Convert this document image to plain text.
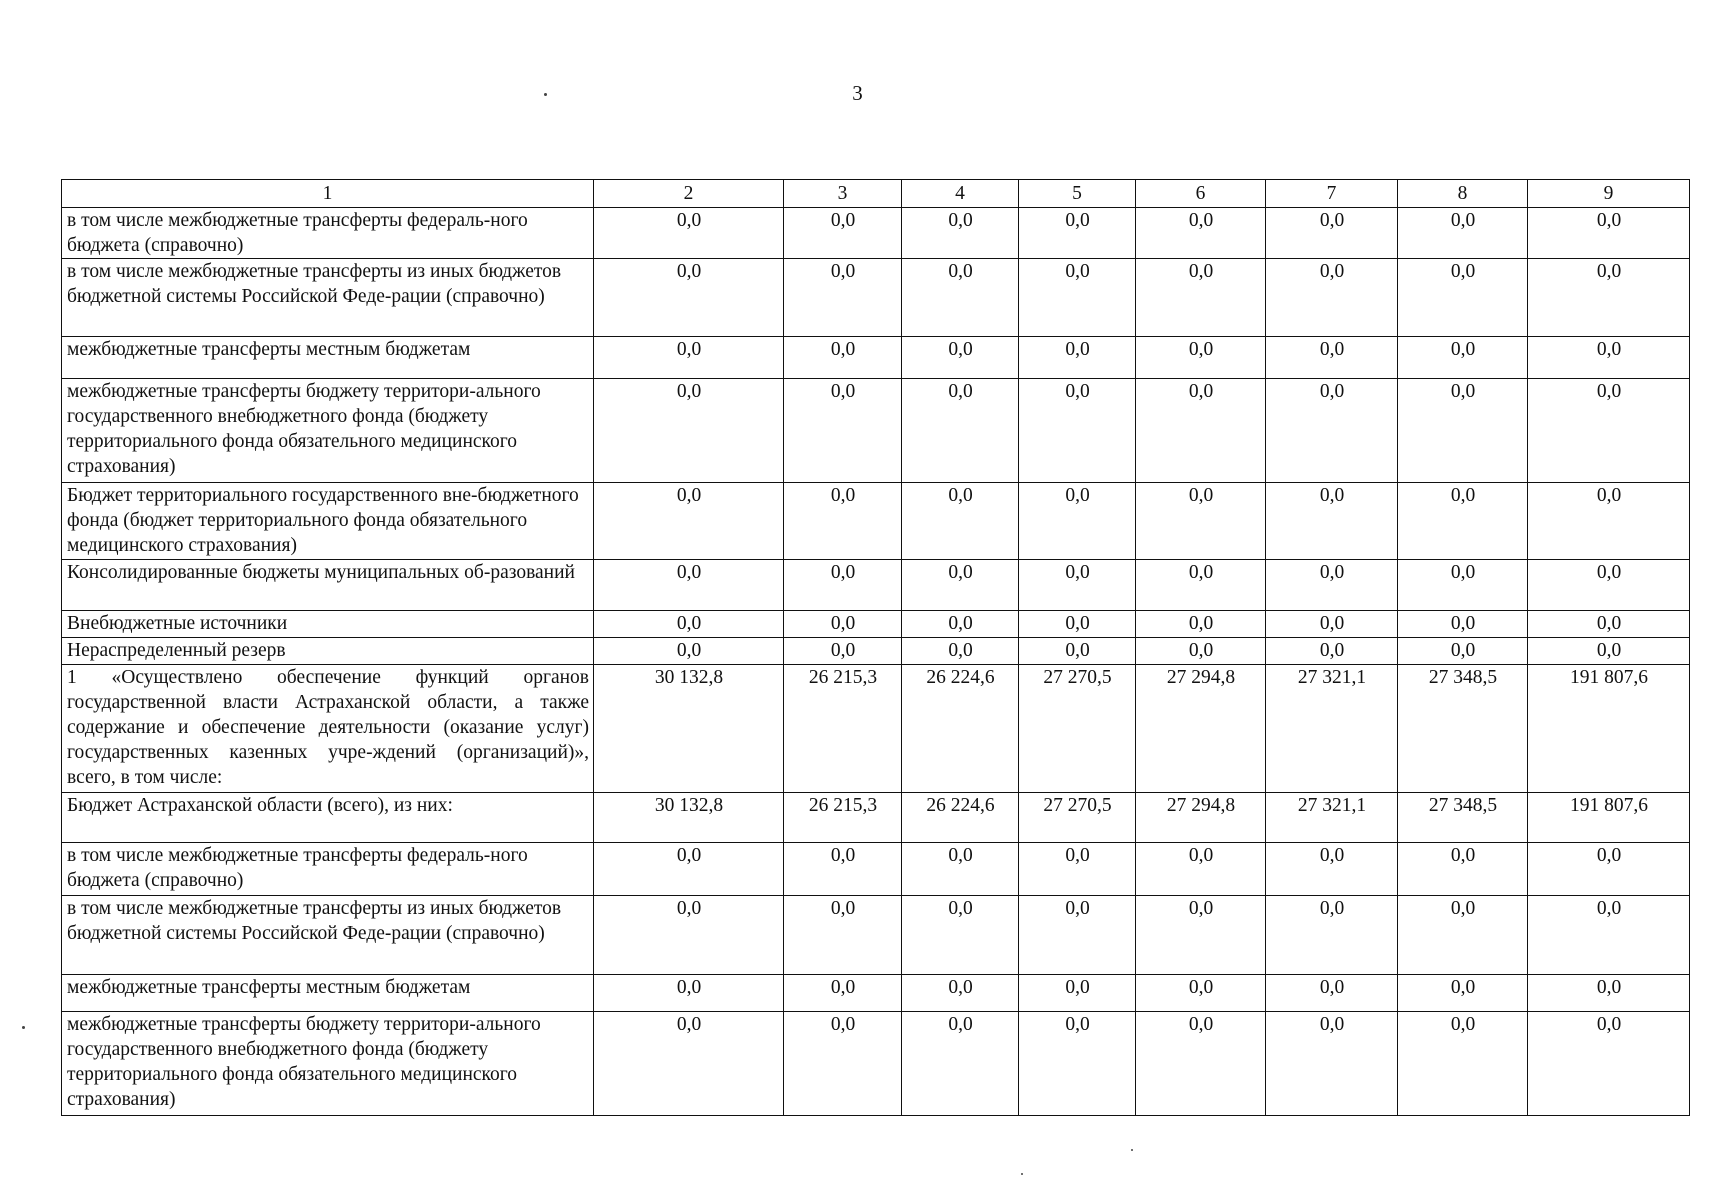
3
1	2	3	4	5	6	7	8	9
в том числе межбюджетные трансферты федераль-ного бюджета (справочно)	0,0	0,0	0,0	0,0	0,0	0,0	0,0	0,0
в том числе межбюджетные трансферты из иных бюджетов бюджетной системы Российской Феде-рации (справочно)	0,0	0,0	0,0	0,0	0,0	0,0	0,0	0,0
межбюджетные трансферты местным бюджетам	0,0	0,0	0,0	0,0	0,0	0,0	0,0	0,0
межбюджетные трансферты бюджету территори-ального государственного внебюджетного фонда (бюджету территориального фонда обязательного медицинского страхования)	0,0	0,0	0,0	0,0	0,0	0,0	0,0	0,0
Бюджет территориального государственного вне-бюджетного фонда (бюджет территориального фонда обязательного медицинского страхования)	0,0	0,0	0,0	0,0	0,0	0,0	0,0	0,0
Консолидированные бюджеты муниципальных об-разований	0,0	0,0	0,0	0,0	0,0	0,0	0,0	0,0
Внебюджетные источники	0,0	0,0	0,0	0,0	0,0	0,0	0,0	0,0
Нераспределенный резерв	0,0	0,0	0,0	0,0	0,0	0,0	0,0	0,0
1 «Осуществлено обеспечение функций органов государственной власти Астраханской области, а также содержание и обеспечение деятельности (оказание услуг) государственных казенных учре-ждений (организаций)», всего, в том числе:	30 132,8	26 215,3	26 224,6	27 270,5	27 294,8	27 321,1	27 348,5	191 807,6
Бюджет Астраханской области (всего), из них:	30 132,8	26 215,3	26 224,6	27 270,5	27 294,8	27 321,1	27 348,5	191 807,6
в том числе межбюджетные трансферты федераль-ного бюджета (справочно)	0,0	0,0	0,0	0,0	0,0	0,0	0,0	0,0
в том числе межбюджетные трансферты из иных бюджетов бюджетной системы Российской Феде-рации (справочно)	0,0	0,0	0,0	0,0	0,0	0,0	0,0	0,0
межбюджетные трансферты местным бюджетам	0,0	0,0	0,0	0,0	0,0	0,0	0,0	0,0
межбюджетные трансферты бюджету территори-ального государственного внебюджетного фонда (бюджету территориального фонда обязательного медицинского страхования)	0,0	0,0	0,0	0,0	0,0	0,0	0,0	0,0
